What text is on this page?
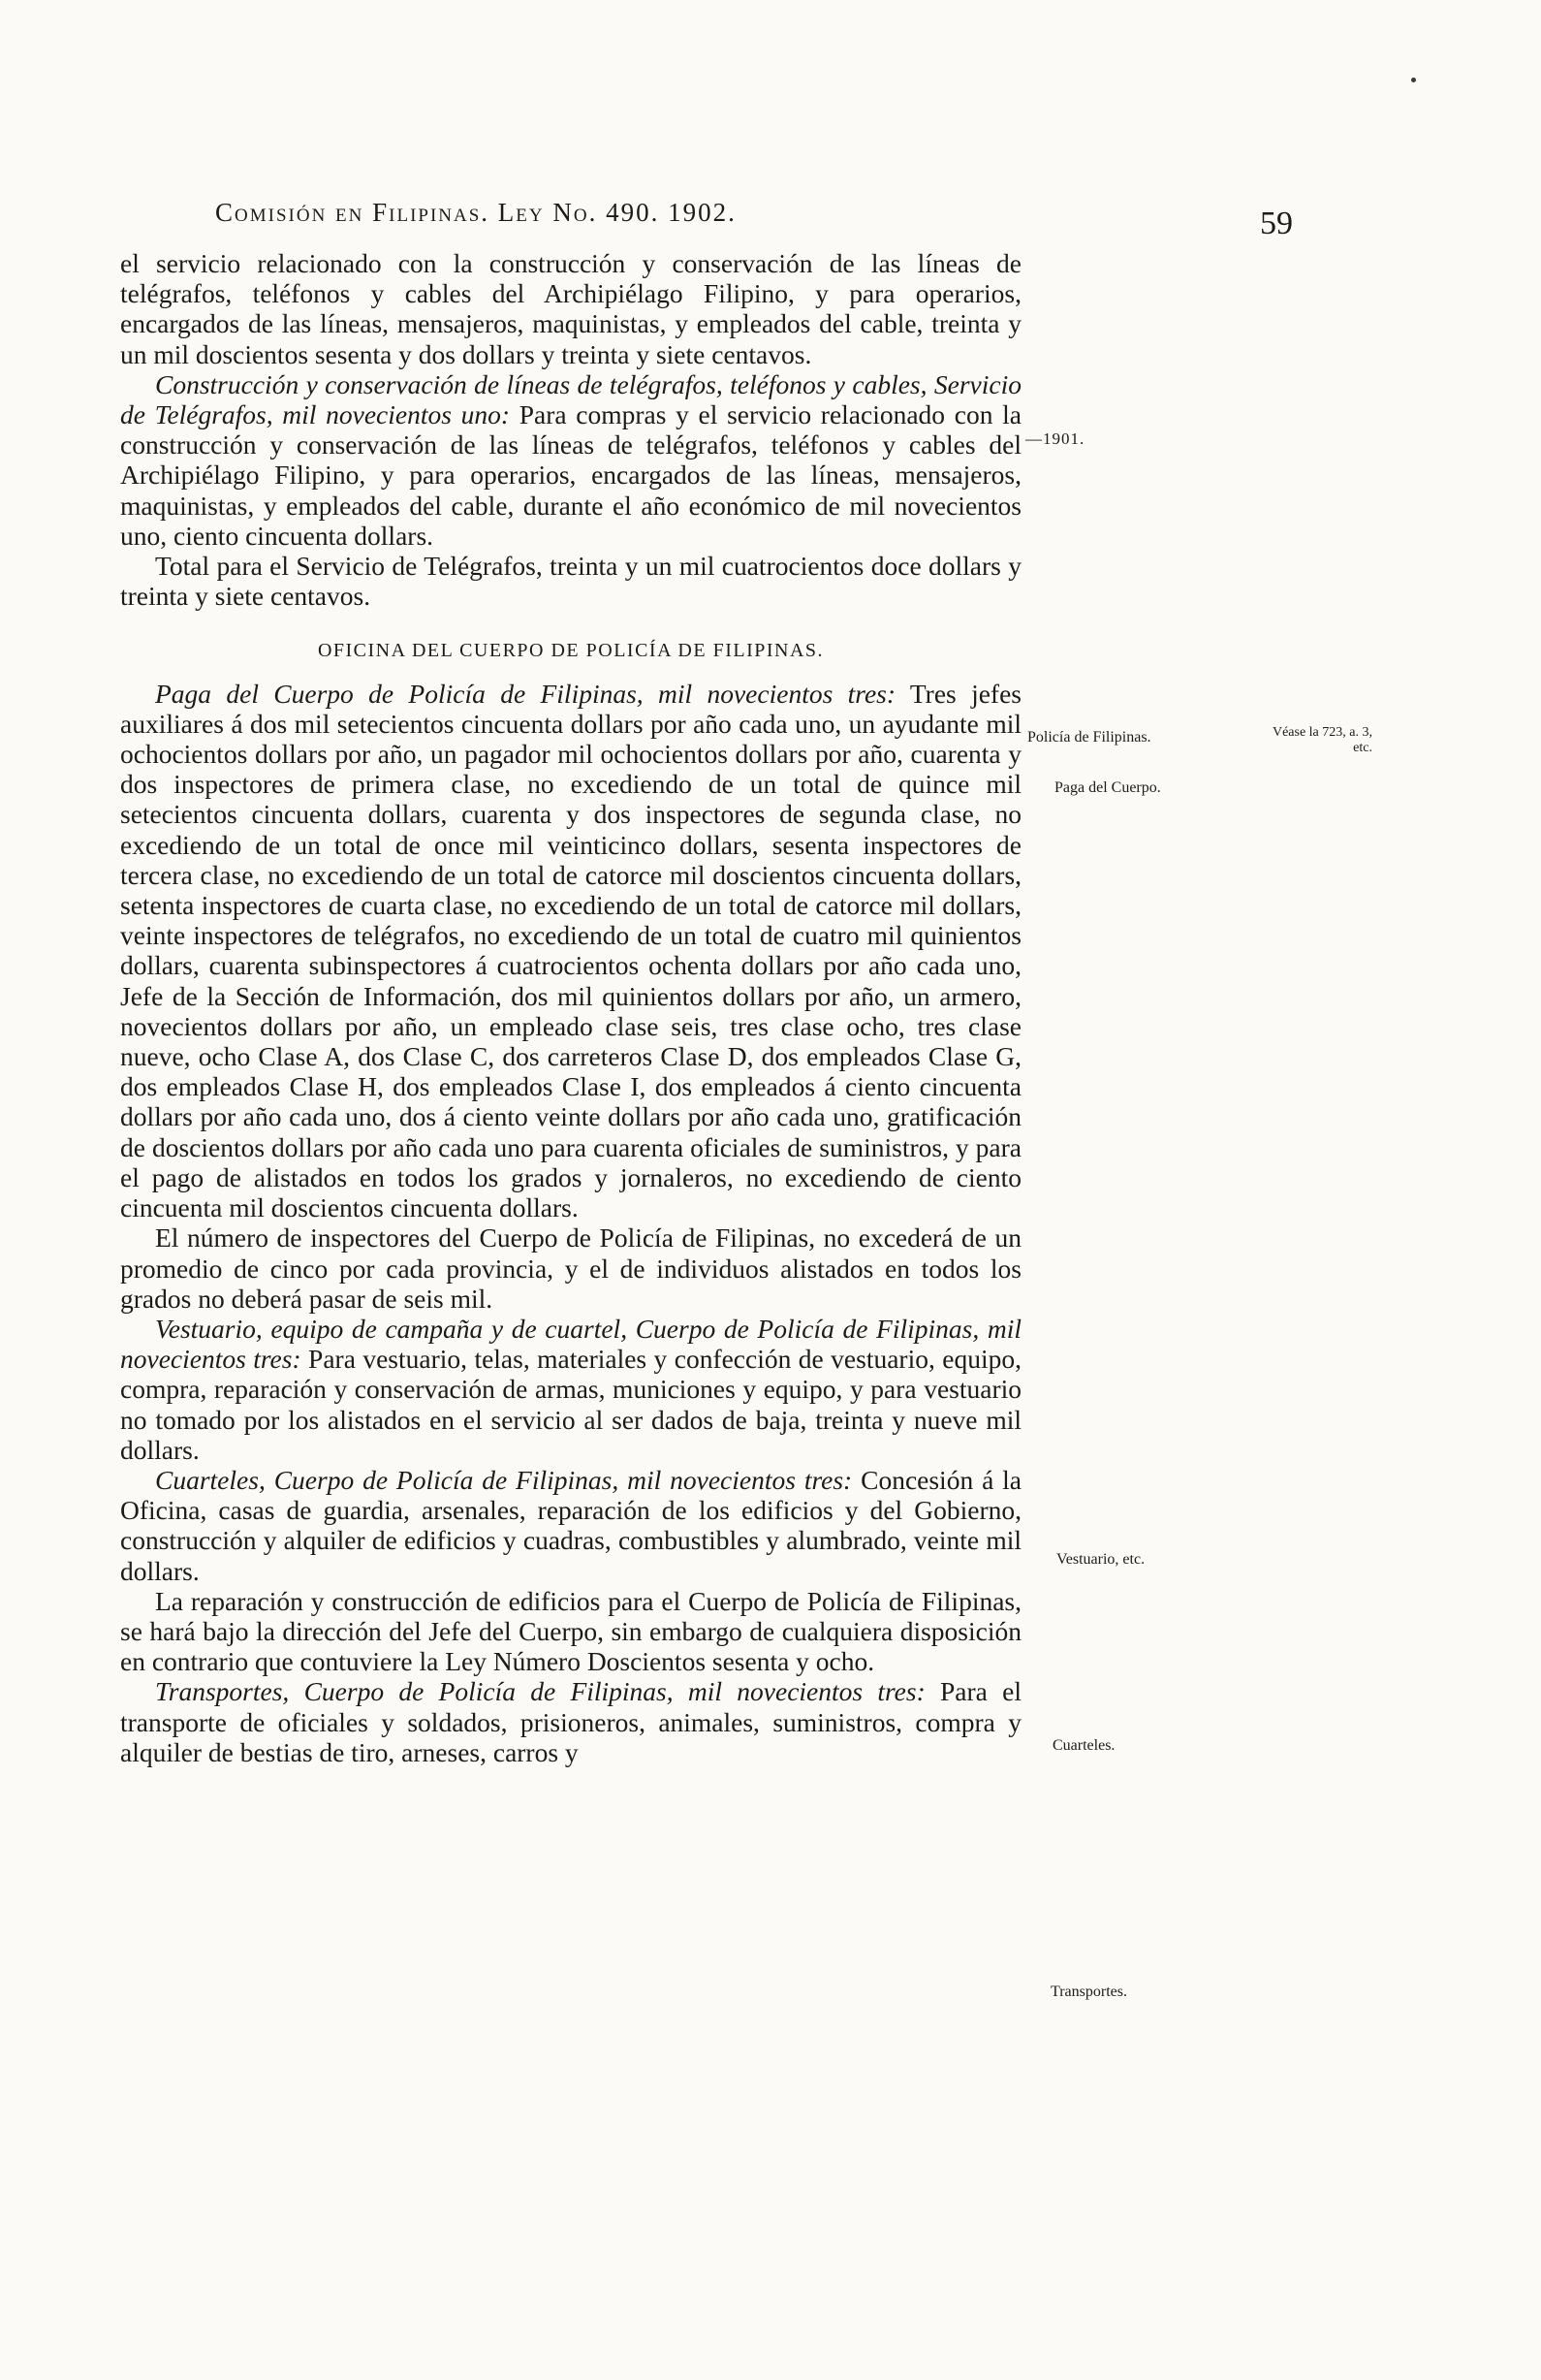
Comisión en Filipinas. Ley No. 490. 1902.	59

el servicio relacionado con la construcción y conservación de las líneas de telégrafos, teléfonos y cables del Archipiélago Filipino, y para operarios, encargados de las líneas, mensajeros, maquinistas, y empleados del cable, treinta y un mil doscientos sesenta y dos dollars y treinta y siete centavos.

Construcción y conservación de líneas de telégrafos, teléfonos y cables, Servicio de Telégrafos, mil novecientos uno: Para compras y el servicio relacionado con la construcción y conservación de las líneas de telégrafos, teléfonos y cables del Archipiélago Filipino, y para operarios, encargados de las líneas, mensajeros, maquinistas, y empleados del cable, durante el año económico de mil novecientos uno, ciento cincuenta dollars.

Total para el Servicio de Telégrafos, treinta y un mil cuatrocientos doce dollars y treinta y siete centavos.

OFICINA DEL CUERPO DE POLICÍA DE FILIPINAS.

Paga del Cuerpo de Policía de Filipinas, mil novecientos tres: Tres jefes auxiliares á dos mil setecientos cincuenta dollars por año cada uno, un ayudante mil ochocientos dollars por año, un pagador mil ochocientos dollars por año, cuarenta y dos inspectores de primera clase, no excediendo de un total de quince mil setecientos cincuenta dollars, cuarenta y dos inspectores de segunda clase, no excediendo de un total de once mil veinticinco dollars, sesenta inspectores de tercera clase, no excediendo de un total de catorce mil doscientos cincuenta dollars, setenta inspectores de cuarta clase, no excediendo de un total de catorce mil dollars, veinte inspectores de telégrafos, no excediendo de un total de cuatro mil quinientos dollars, cuarenta subinspectores á cuatrocientos ochenta dollars por año cada uno, Jefe de la Sección de Información, dos mil quinientos dollars por año, un armero, novecientos dollars por año, un empleado clase seis, tres clase ocho, tres clase nueve, ocho Clase A, dos Clase C, dos carreteros Clase D, dos empleados Clase G, dos empleados Clase H, dos empleados Clase I, dos empleados á ciento cincuenta dollars por año cada uno, dos á ciento veinte dollars por año cada uno, gratificación de doscientos dollars por año cada uno para cuarenta oficiales de suministros, y para el pago de alistados en todos los grados y jornaleros, no excediendo de ciento cincuenta mil doscientos cincuenta dollars.

El número de inspectores del Cuerpo de Policía de Filipinas, no excederá de un promedio de cinco por cada provincia, y el de individuos alistados en todos los grados no deberá pasar de seis mil.

Vestuario, equipo de campaña y de cuartel, Cuerpo de Policía de Filipinas, mil novecientos tres: Para vestuario, telas, materiales y confección de vestuario, equipo, compra, reparación y conservación de armas, municiones y equipo, y para vestuario no tomado por los alistados en el servicio al ser dados de baja, treinta y nueve mil dollars.

Cuarteles, Cuerpo de Policía de Filipinas, mil novecientos tres: Concesión á la Oficina, casas de guardia, arsenales, reparación de los edificios y del Gobierno, construcción y alquiler de edificios y cuadras, combustibles y alumbrado, veinte mil dollars.

La reparación y construcción de edificios para el Cuerpo de Policía de Filipinas, se hará bajo la dirección del Jefe del Cuerpo, sin embargo de cualquiera disposición en contrario que contuviere la Ley Número Doscientos sesenta y ocho.

Transportes, Cuerpo de Policía de Filipinas, mil novecientos tres: Para el transporte de oficiales y soldados, prisioneros, animales, suministros, compra y alquiler de bestias de tiro, arneses, carros y

—1901.
Policía de Filipinas.	Véase la 723, a. 3, etc.
Paga del Cuerpo.
Vestuario, etc.
Cuarteles.
Transportes.
